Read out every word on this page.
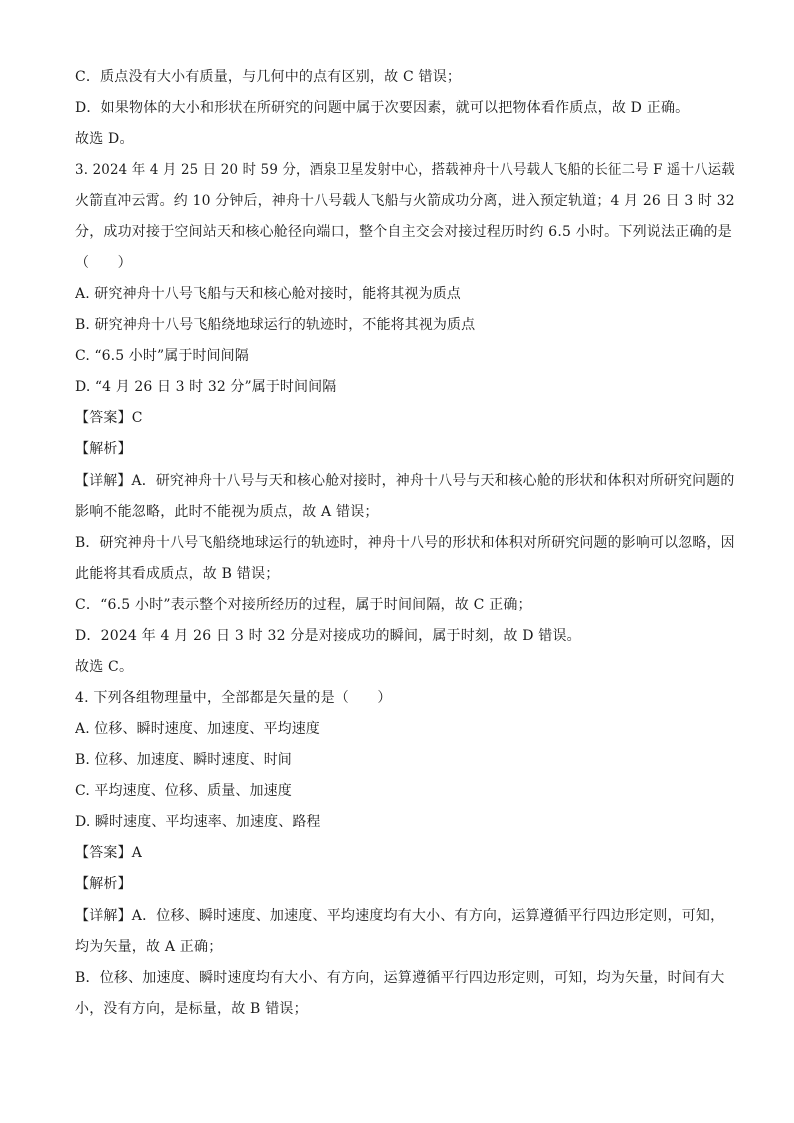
C．质点没有大小有质量，与几何中的点有区别，故 C 错误；
D．如果物体的大小和形状在所研究的问题中属于次要因素，就可以把物体看作质点，故 D 正确。
故选 D。
3. 2024 年 4 月 25 日 20 时 59 分，酒泉卫星发射中心，搭载神舟十八号载人飞船的长征二号 F 遥十八运载
火箭直冲云霄。约 10 分钟后，神舟十八号载人飞船与火箭成功分离，进入预定轨道；4 月 26 日 3 时 32
分，成功对接于空间站天和核心舱径向端口，整个自主交会对接过程历时约 6.5 小时。下列说法正确的是
（　　）
A. 研究神舟十八号飞船与天和核心舱对接时，能将其视为质点
B. 研究神舟十八号飞船绕地球运行的轨迹时，不能将其视为质点
C. “6.5 小时”属于时间间隔
D. “4 月 26 日 3 时 32 分”属于时间间隔
【答案】C
【解析】
【详解】A．研究神舟十八号与天和核心舱对接时，神舟十八号与天和核心舱的形状和体积对所研究问题的
影响不能忽略，此时不能视为质点，故 A 错误；
B．研究神舟十八号飞船绕地球运行的轨迹时，神舟十八号的形状和体积对所研究问题的影响可以忽略，因
此能将其看成质点，故 B 错误；
C．“6.5 小时”表示整个对接所经历的过程，属于时间间隔，故 C 正确；
D．2024 年 4 月 26 日 3 时 32 分是对接成功的瞬间，属于时刻，故 D 错误。
故选 C。
4. 下列各组物理量中，全部都是矢量的是（　　）
A. 位移、瞬时速度、加速度、平均速度
B. 位移、加速度、瞬时速度、时间
C. 平均速度、位移、质量、加速度
D. 瞬时速度、平均速率、加速度、路程
【答案】A
【解析】
【详解】A．位移、瞬时速度、加速度、平均速度均有大小、有方向，运算遵循平行四边形定则，可知，
均为矢量，故 A 正确；
B．位移、加速度、瞬时速度均有大小、有方向，运算遵循平行四边形定则，可知，均为矢量，时间有大
小，没有方向，是标量，故 B 错误；
